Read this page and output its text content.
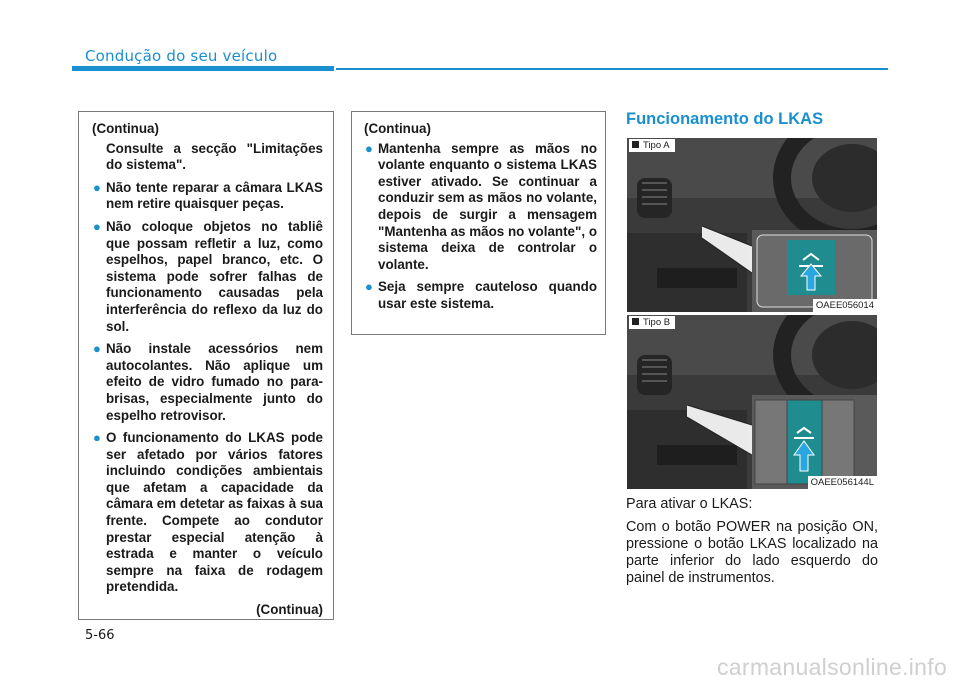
Condução do seu veículo
(Continua)
Consulte a secção "Limitações do sistema".
● Não tente reparar a câmara LKAS nem retire quaisquer peças.
● Não coloque objetos no tabliê que possam refletir a luz, como espelhos, papel branco, etc. O sistema pode sofrer falhas de funcionamento causadas pela interferência do reflexo da luz do sol.
● Não instale acessórios nem autocolantes. Não aplique um efeito de vidro fumado no para-brisas, especialmente junto do espelho retrovisor.
● O funcionamento do LKAS pode ser afetado por vários fatores incluindo condições ambientais que afetam a capacidade da câmara em detetar as faixas à sua frente. Compete ao condutor prestar especial atenção à estrada e manter o veículo sempre na faixa de rodagem pretendida.
(Continua)
(Continua)
● Mantenha sempre as mãos no volante enquanto o sistema LKAS estiver ativado. Se continuar a conduzir sem as mãos no volante, depois de surgir a mensagem "Mantenha as mãos no volante", o sistema deixa de controlar o volante.
● Seja sempre cauteloso quando usar este sistema.
Funcionamento do LKAS
Tipo A
OAEE056014
Tipo B
OAEE056144L

Para ativar o LKAS:

Com o botão POWER na posição ON, pressione o botão LKAS localizado na parte inferior do lado esquerdo do painel de instrumentos.

5-66
carmanualsonline.info
